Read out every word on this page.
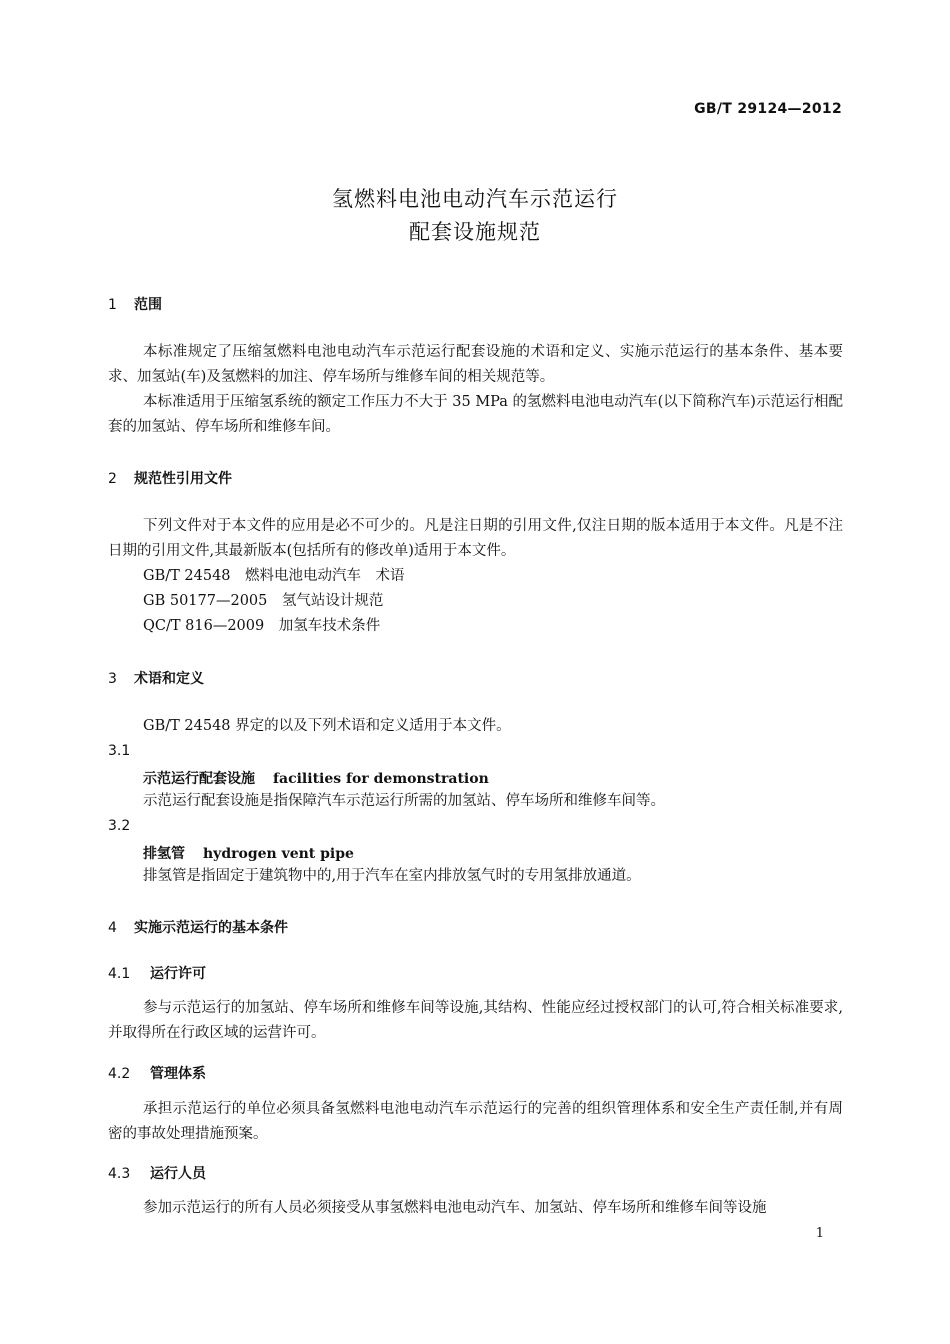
GB/T 29124—2012
氢燃料电池电动汽车示范运行
配套设施规范
1 范围
本标准规定了压缩氢燃料电池电动汽车示范运行配套设施的术语和定义、实施示范运行的基本条件、基本要求、加氢站(车)及氢燃料的加注、停车场所与维修车间的相关规范等。
本标准适用于压缩氢系统的额定工作压力不大于 35 MPa 的氢燃料电池电动汽车(以下简称汽车)示范运行相配套的加氢站、停车场所和维修车间。
2 规范性引用文件
下列文件对于本文件的应用是必不可少的。凡是注日期的引用文件,仅注日期的版本适用于本文件。凡是不注日期的引用文件,其最新版本(包括所有的修改单)适用于本文件。
GB/T 24548　燃料电池电动汽车　术语
GB 50177—2005　氢气站设计规范
QC/T 816—2009　加氢车技术条件
3 术语和定义
GB/T 24548 界定的以及下列术语和定义适用于本文件。
3.1
示范运行配套设施 facilities for demonstration
示范运行配套设施是指保障汽车示范运行所需的加氢站、停车场所和维修车间等。
3.2
排氢管 hydrogen vent pipe
排氢管是指固定于建筑物中的,用于汽车在室内排放氢气时的专用氢排放通道。
4 实施示范运行的基本条件
4.1 运行许可
参与示范运行的加氢站、停车场所和维修车间等设施,其结构、性能应经过授权部门的认可,符合相关标准要求,并取得所在行政区域的运营许可。
4.2 管理体系
承担示范运行的单位必须具备氢燃料电池电动汽车示范运行的完善的组织管理体系和安全生产责任制,并有周密的事故处理措施预案。
4.3 运行人员
参加示范运行的所有人员必须接受从事氢燃料电池电动汽车、加氢站、停车场所和维修车间等设施
1
